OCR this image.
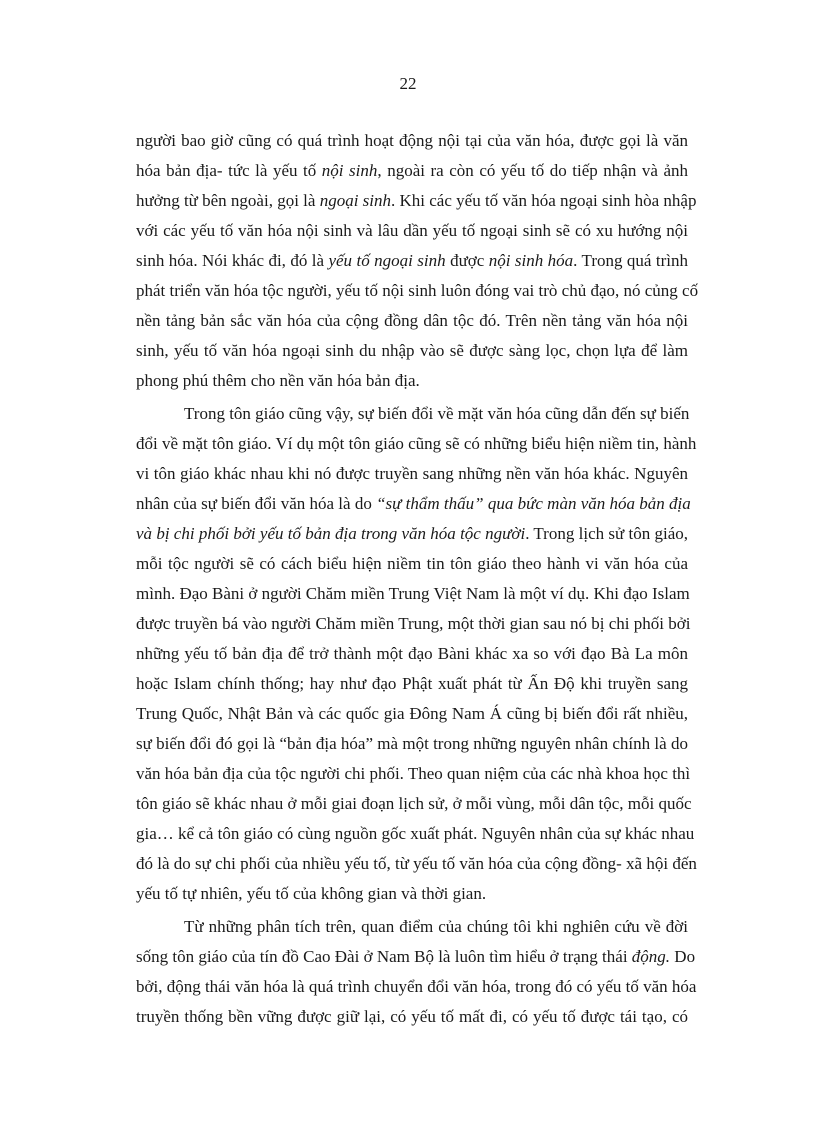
22
người bao giờ cũng có quá trình hoạt động nội tại của văn hóa, được gọi là văn
hóa bản địa- tức là yếu tố nội sinh, ngoài ra còn có yếu tố do tiếp nhận và ảnh
hưởng từ bên ngoài, gọi là ngoại sinh. Khi các yếu tố văn hóa ngoại sinh hòa nhập
với các yếu tố văn hóa nội sinh và lâu dần yếu tố ngoại sinh sẽ có xu hướng nội
sinh hóa. Nói khác đi, đó là yếu tố ngoại sinh được nội sinh hóa. Trong quá trình
phát triển văn hóa tộc người, yếu tố nội sinh luôn đóng vai trò chủ đạo, nó củng cố
nền tảng bản sắc văn hóa của cộng đồng dân tộc đó. Trên nền tảng văn hóa nội
sinh, yếu tố văn hóa ngoại sinh du nhập vào sẽ được sàng lọc, chọn lựa để làm
phong phú thêm cho nền văn hóa bản địa.
Trong tôn giáo cũng vậy, sự biến đổi về mặt văn hóa cũng dẫn đến sự biến
đổi về mặt tôn giáo. Ví dụ một tôn giáo cũng sẽ có những biểu hiện niềm tin, hành
vi tôn giáo khác nhau khi nó được truyền sang những nền văn hóa khác. Nguyên
nhân của sự biến đổi văn hóa là do “sự thẩm thấu” qua bức màn văn hóa bản địa
và bị chi phối bởi yếu tố bản địa trong văn hóa tộc người. Trong lịch sử tôn giáo,
mỗi tộc người sẽ có cách biểu hiện niềm tin tôn giáo theo hành vi văn hóa của
mình. Đạo Bàni ở người Chăm miền Trung Việt Nam là một ví dụ. Khi đạo Islam
được truyền bá vào người Chăm miền Trung, một thời gian sau nó bị chi phối bởi
những yếu tố bản địa để trở thành một đạo Bàni khác xa so với đạo Bà La môn
hoặc Islam chính thống; hay như đạo Phật xuất phát từ Ấn Độ khi truyền sang
Trung Quốc, Nhật Bản và các quốc gia Đông Nam Á cũng bị biến đổi rất nhiều,
sự biến đổi đó gọi là “bản địa hóa” mà một trong những nguyên nhân chính là do
văn hóa bản địa của tộc người chi phối. Theo quan niệm của các nhà khoa học thì
tôn giáo sẽ khác nhau ở mỗi giai đoạn lịch sử, ở mỗi vùng, mỗi dân tộc, mỗi quốc
gia… kể cả tôn giáo có cùng nguồn gốc xuất phát. Nguyên nhân của sự khác nhau
đó là do sự chi phối của nhiều yếu tố, từ yếu tố văn hóa của cộng đồng- xã hội đến
yếu tố tự nhiên, yếu tố của không gian và thời gian.
Từ những phân tích trên, quan điểm của chúng tôi khi nghiên cứu về đời
sống tôn giáo của tín đồ Cao Đài ở Nam Bộ là luôn tìm hiểu ở trạng thái động. Do
bởi, động thái văn hóa là quá trình chuyển đổi văn hóa, trong đó có yếu tố văn hóa
truyền thống bền vững được giữ lại, có yếu tố mất đi, có yếu tố được tái tạo, có
